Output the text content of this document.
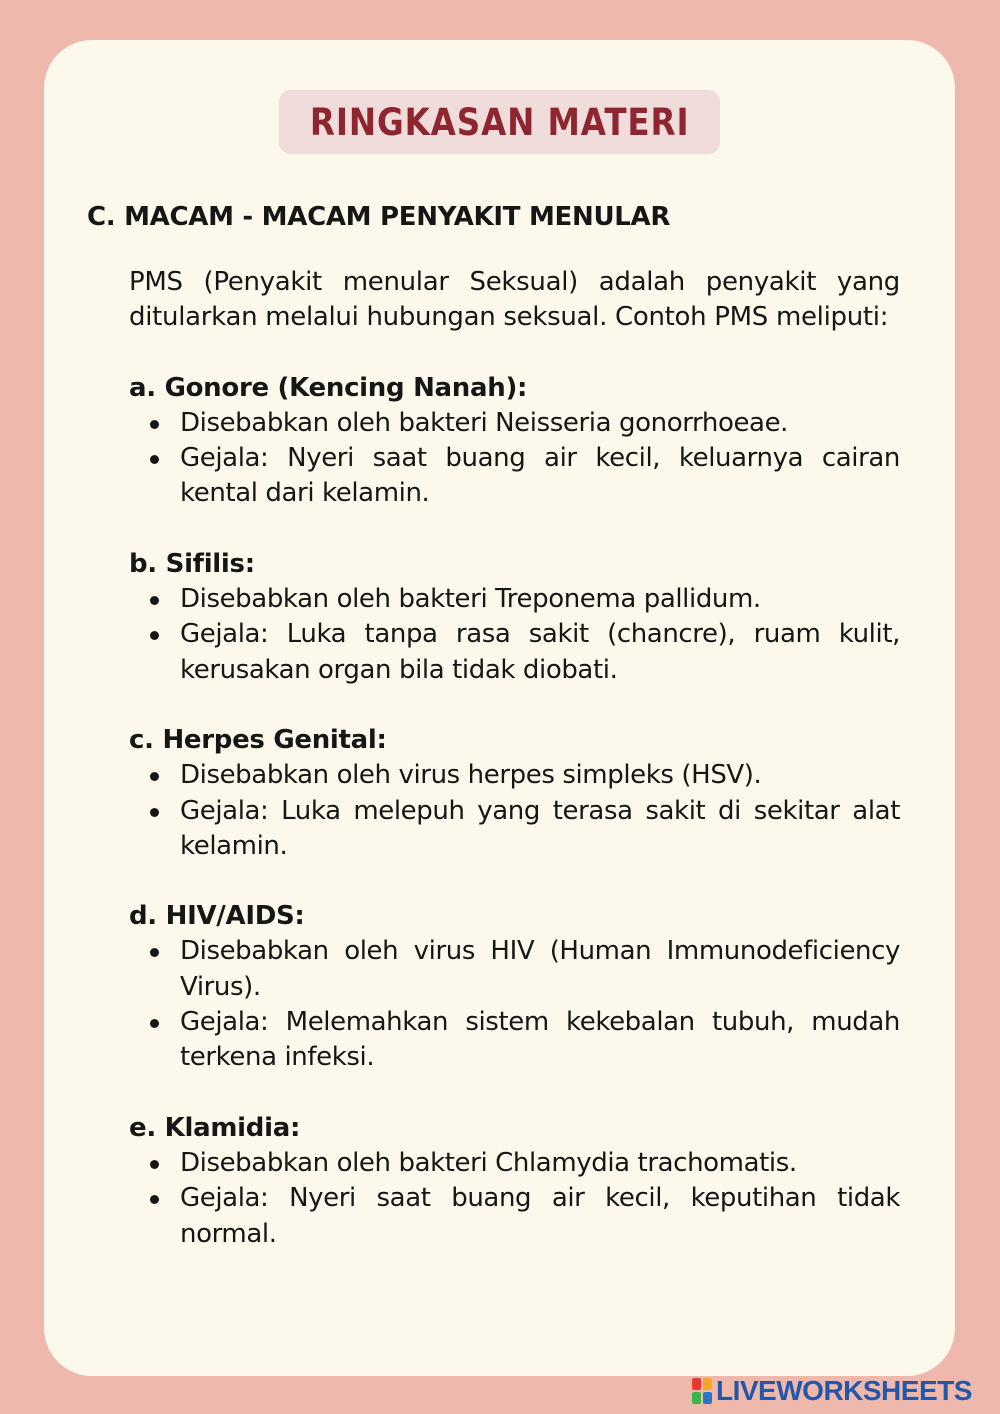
RINGKASAN MATERI
C. MACAM - MACAM PENYAKIT MENULAR

PMS (Penyakit menular Seksual) adalah penyakit yang ditularkan melalui hubungan seksual. Contoh PMS meliputi:

a. Gonore (Kencing Nanah):
Disebabkan oleh bakteri Neisseria gonorrhoeae.
Gejala: Nyeri saat buang air kecil, keluarnya cairan kental dari kelamin.
b. Sifilis:
Disebabkan oleh bakteri Treponema pallidum.
Gejala: Luka tanpa rasa sakit (chancre), ruam kulit, kerusakan organ bila tidak diobati.
c. Herpes Genital:
Disebabkan oleh virus herpes simpleks (HSV).
Gejala: Luka melepuh yang terasa sakit di sekitar alat kelamin.
d. HIV/AIDS:
Disebabkan oleh virus HIV (Human Immunodeficiency Virus).
Gejala: Melemahkan sistem kekebalan tubuh, mudah terkena infeksi.
e. Klamidia:
Disebabkan oleh bakteri Chlamydia trachomatis.
Gejala: Nyeri saat buang air kecil, keputihan tidak normal.
LIVEWORKSHEETS
